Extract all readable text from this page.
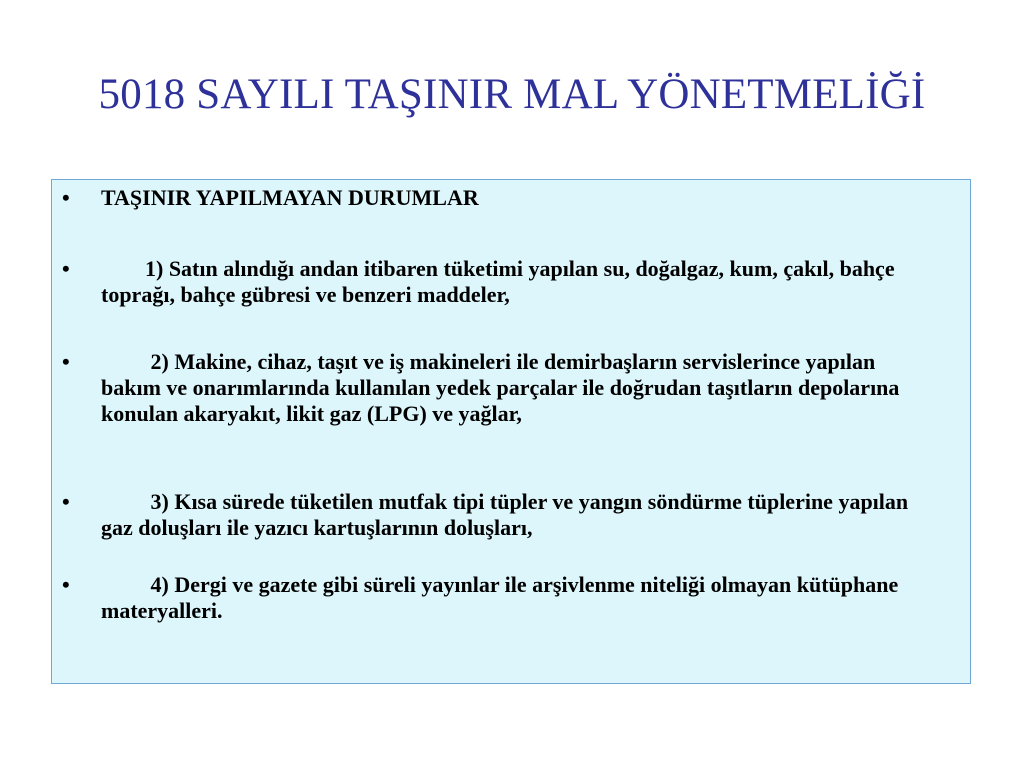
5018 SAYILI TAŞINIR MAL YÖNETMELİĞİ
•	TAŞINIR YAPILMAYAN DURUMLAR
•	1) Satın alındığı andan itibaren tüketimi yapılan su, doğalgaz, kum, çakıl, bahçe toprağı, bahçe gübresi ve benzeri maddeler,
•	2) Makine, cihaz, taşıt ve iş makineleri ile demirbaşların servislerince yapılan bakım ve onarımlarında kullanılan yedek parçalar ile doğrudan taşıtların depolarına konulan akaryakıt, likit gaz (LPG) ve yağlar,
•	3) Kısa sürede tüketilen mutfak tipi tüpler ve yangın söndürme tüplerine yapılan gaz doluşları ile yazıcı kartuşlarının doluşları,
•	4) Dergi ve gazete gibi süreli yayınlar ile arşivlenme niteliği olmayan kütüphane materyalleri.
